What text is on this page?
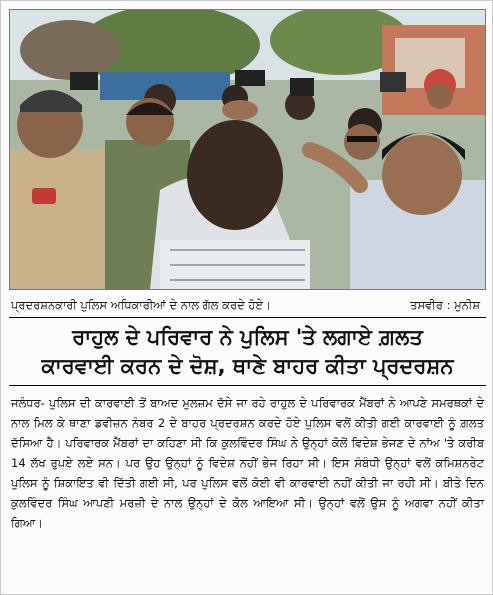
ਪ੍ਰਦਰਸ਼ਨਕਾਰੀ ਪੁਲਿਸ ਅਧਿਕਾਰੀਆਂ ਦੇ ਨਾਲ ਗੱਲ ਕਰਦੇ ਹੋਏ।	ਤਸਵੀਰ : ਮੁਨੀਸ਼
ਰਾਹੁਲ ਦੇ ਪਰਿਵਾਰ ਨੇ ਪੁਲਿਸ 'ਤੇ ਲਗਾਏ ਗ਼ਲਤ
ਕਾਰਵਾਈ ਕਰਨ ਦੇ ਦੋਸ਼, ਥਾਣੇ ਬਾਹਰ ਕੀਤਾ ਪ੍ਰਦਰਸ਼ਨ
ਜਲੰਧਰ- ਪੁਲਿਸ ਦੀ ਕਾਰਵਾਈ ਤੋਂ ਬਾਅਦ ਮੁਲਜ਼ਮ ਦੱਸੇ ਜਾ ਰਹੇ ਰਾਹੁਲ ਦੇ ਪਰਿਵਾਰਕ ਮੈਂਬਰਾਂ ਨੇ ਆਪਣੇ ਸਮਰਥਕਾਂ ਦੇ ਨਾਲ ਮਿਲ ਕੇ ਥਾਣਾ ਡਵੀਜ਼ਨ ਨੰਬਰ 2 ਦੇ ਬਾਹਰ ਪ੍ਰਦਰਸ਼ਨ ਕਰਦੇ ਹੋਏ ਪੁਲਿਸ ਵਲੋਂ ਕੀਤੀ ਗਈ ਕਾਰਵਾਈ ਨੂੰ ਗ਼ਲਤ ਦੱਸਿਆ ਹੈ। ਪਰਿਵਾਰਕ ਮੈਂਬਰਾਂ ਦਾ ਕਹਿਣਾ ਸੀ ਕਿ ਕੁਲਵਿੰਦਰ ਸਿੰਘ ਨੇ ਉਨ੍ਹਾਂ ਕੋਲੋਂ ਵਿਦੇਸ਼ ਭੇਜਣ ਦੇ ਨਾਂਅ 'ਤੇ ਕਰੀਬ 14 ਲੱਖ ਰੁਪਏ ਲਏ ਸਨ। ਪਰ ਉਹ ਉਨ੍ਹਾਂ ਨੂੰ ਵਿਦੇਸ਼ ਨਹੀਂ ਭੇਜ ਰਿਹਾ ਸੀ। ਇਸ ਸੰਬੰਧੀ ਉਨ੍ਹਾਂ ਵਲੋਂ ਕਮਿਸ਼ਨਰੇਟ ਪੁਲਿਸ ਨੂੰ ਸ਼ਿਕਾਇਤ ਵੀ ਦਿੱਤੀ ਗਈ ਸੀ, ਪਰ ਪੁਲਿਸ ਵਲੋਂ ਕੋਈ ਵੀ ਕਾਰਵਾਈ ਨਹੀਂ ਕੀਤੀ ਜਾ ਰਹੀ ਸੀ। ਬੀਤੇ ਦਿਨ ਕੁਲਵਿੰਦਰ ਸਿੰਘ ਆਪਣੀ ਮਰਜ਼ੀ ਦੇ ਨਾਲ ਉਨ੍ਹਾਂ ਦੇ ਕੋਲ ਆਇਆ ਸੀ। ਉਨ੍ਹਾਂ ਵਲੋਂ ਉਸ ਨੂੰ ਅਗਵਾ ਨਹੀਂ ਕੀਤਾ ਗਿਆ।
